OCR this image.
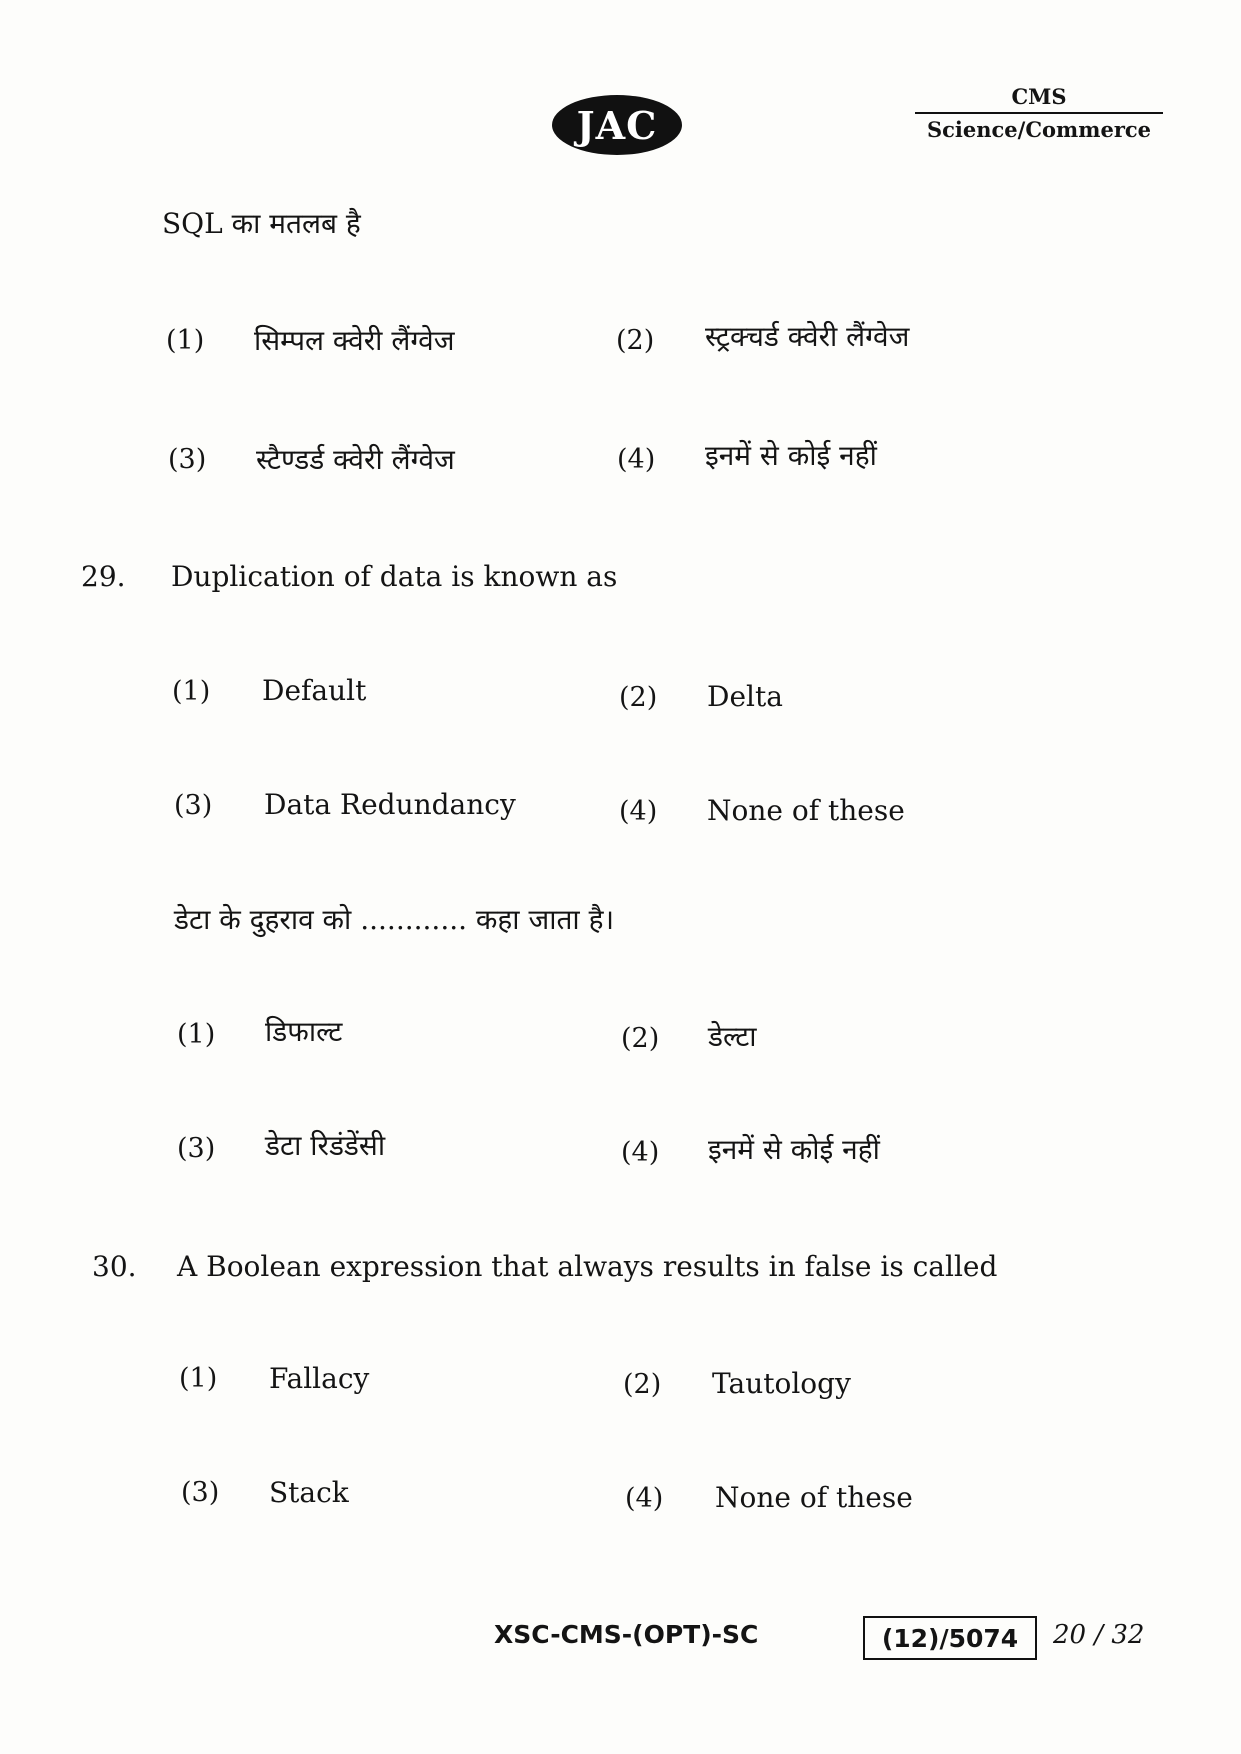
JAC
CMS
Science/Commerce
SQL का मतलब है
(1) सिम्पल क्वेरी लैंग्वेज	(2) स्ट्रक्चर्ड क्वेरी लैंग्वेज
(3) स्टैण्डर्ड क्वेरी लैंग्वेज	(4) इनमें से कोई नहीं
29. Duplication of data is known as
(1) Default	(2) Delta
(3) Data Redundancy	(4) None of these
डेटा के दुहराव को ............ कहा जाता है।
(1) डिफाल्ट	(2) डेल्टा
(3) डेटा रिडंडेंसी	(4) इनमें से कोई नहीं
30. A Boolean expression that always results in false is called
(1) Fallacy	(2) Tautology
(3) Stack	(4) None of these
XSC-CMS-(OPT)-SC	(12)/5074	20 / 32
